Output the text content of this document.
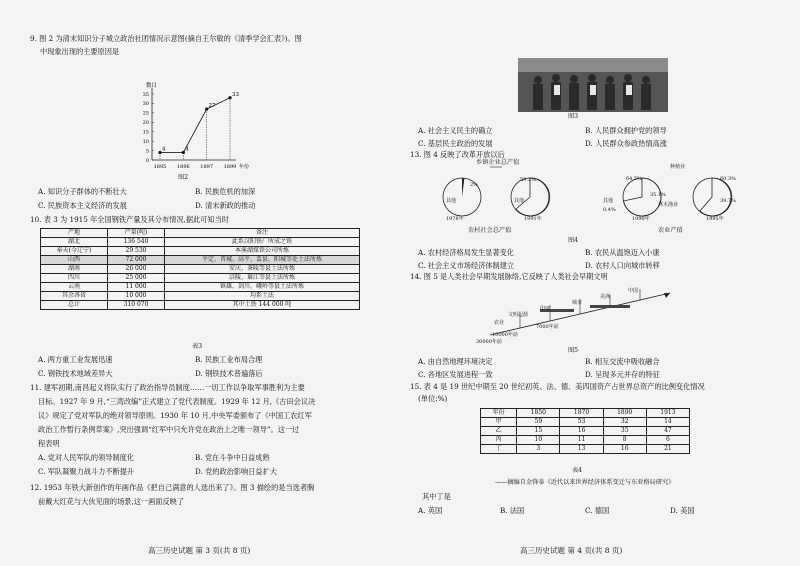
9. 图 2 为清末知识分子城立政治社团情况示意图(摘自王尔敏的《清季学会汇表》)。图
中现象出现的主要原因是
数目
35
30
25
20
15
10
5
0
4
1895
4
1896
27
1897
33
1899 年份
图2
A. 知识分子群体的不断壮大	B. 民族危机的加深
C. 民族资本主义经济的发展	D. 清末新政的推动
10. 表 3 为 1915 年全国钢铁产量及其分布情况,据此可知当时
产地	产量(吨)	备注
湖北	136 540	此系汉阳铁厂所成之铁
奉天(今辽宁)	29 530	本溪湖煤铁公司所炼
山西	72 000	平定、晋城、高平、盂县、阳城等处土法所炼
湖南	26 000	安庆、茶陵等县土法所炼
四川	25 000	涪陵、綦江等县土法所炼
云南	11 000	镇雄、剑川、峨岭等县土法所炼
其余各省	10 000	均系土法
总计	310 070	其中土铁 144 000 吨
表3
A. 两方重工业发展迅速	B. 民族工业布局合理
C. 钢铁技术地域差异大	D. 钢铁技术普遍落后
11. 建军初期,南昌起义将队实行了政治指导员制度……一切工作以争取军事胜利为主要
目标。1927 年 9 月,“三湾改编”正式建立了党代表制度。1929 年 12 月,《古田会议决
议》规定了党对军队的绝对领导原则。1930 年 10 月,中央军委颁布了《中国工农红军
政治工作暂行条例草案》,突出强调“红军中只允许党在政治上之唯一领导”。这一过
程表明
A. 党对人民军队的领导制度化	B. 党在斗争中日益成熟
C. 军队凝聚力战斗力不断提升	D. 党的政治影响日益扩大
12. 1953 年铁大新创作的年画作品《把自己满意的人选出来了》。图 3 描绘的是当选者胸
前戴大红花与大伙见面的场景,这一画面反映了
高三历史试题 第 3 页(共 8 页)
图3
A. 社会主义民主的确立	B. 人民群众拥护党的领导
C. 基层民主政治的发展	D. 人民群众参政热情高涨
13. 图 4 反映了改革开放以后
乡镇企业总产值
2%
59.2%
其他	其他
1978年	1991年
农村社会总产值
种植业
64.5%	60.3%
35.1%
39.7%
其他
0.4%
林木渔业
1990年	1995年
农业产值
图4
A. 农村经济格局发生显著变化	B. 农民从温饱迈入小康
C. 社会主义市场经济体制建立	D. 农村人口向城市转移
14. 图 5 是人类社会早期发展脉络,它反映了人类社会早期文明
中国
美洲
城市
印度
文明起源
农业
7000年前
10000年前
30000年前
图5
A. 由自然地理环境决定	B. 相互交流中吸收融合
C. 各地区发展进程一致	D. 呈现多元并存的特征
15. 表 4 是 19 世纪中期至 20 世纪初英、法、德、美四国资产占世界总资产的比例变化情况
(单位:%)
年份	1850	1870	1890	1913
甲	59	53	32	14
乙	15	16	35	47
丙	10	11	8	6
丁	3	13	16	21
表4
——摘编自金锋泰《近代以来世界经济体系变迁与东亚格局研究》
其中丁是
A. 英国	B. 法国	C. 德国	D. 美国
高三历史试题 第 4 页(共 8 页)
